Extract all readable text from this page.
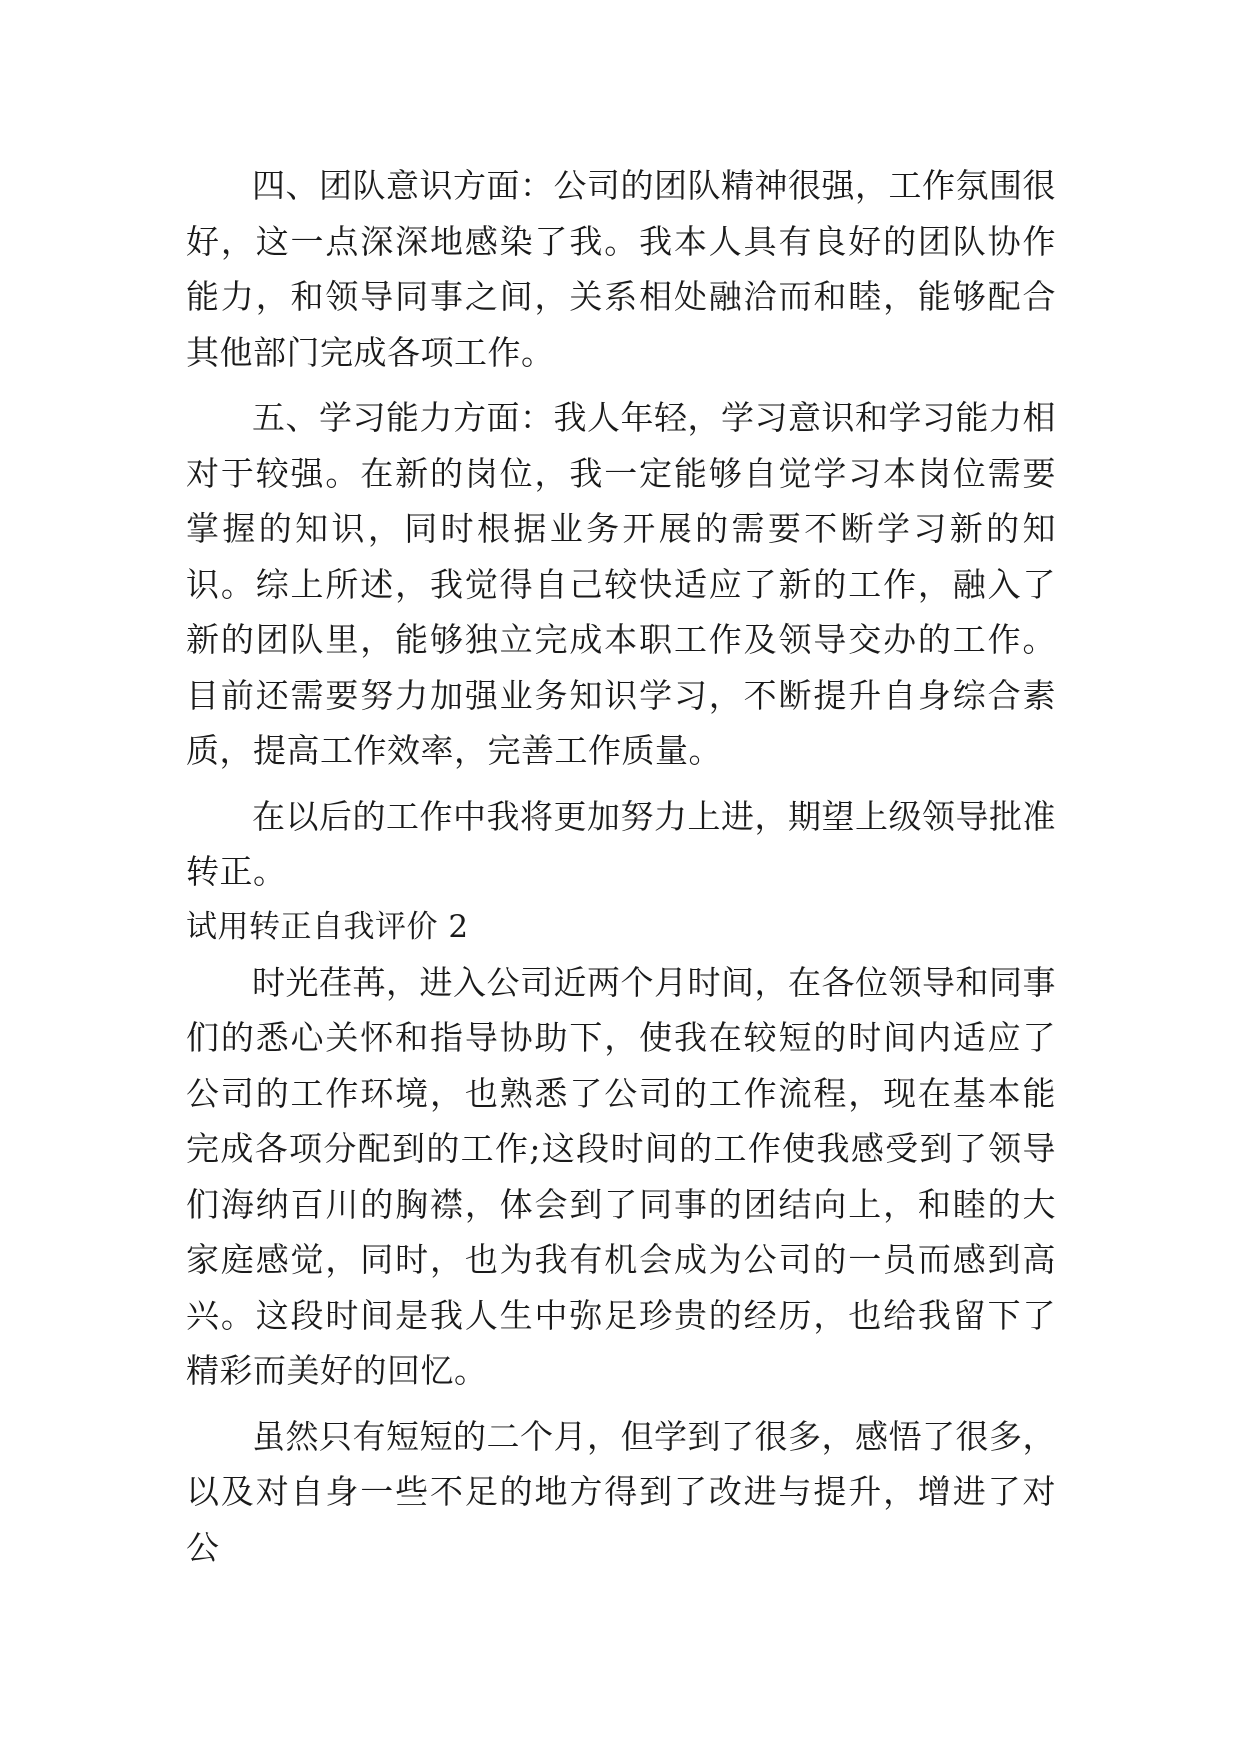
四、团队意识方面：公司的团队精神很强，工作氛围很好，这一点深深地感染了我。我本人具有良好的团队协作能力，和领导同事之间，关系相处融洽而和睦，能够配合其他部门完成各项工作。

五、学习能力方面：我人年轻，学习意识和学习能力相对于较强。在新的岗位，我一定能够自觉学习本岗位需要掌握的知识，同时根据业务开展的需要不断学习新的知识。综上所述，我觉得自己较快适应了新的工作，融入了新的团队里，能够独立完成本职工作及领导交办的工作。目前还需要努力加强业务知识学习，不断提升自身综合素质，提高工作效率，完善工作质量。

在以后的工作中我将更加努力上进，期望上级领导批准转正。

试用转正自我评价 2

时光荏苒，进入公司近两个月时间，在各位领导和同事们的悉心关怀和指导协助下，使我在较短的时间内适应了公司的工作环境，也熟悉了公司的工作流程，现在基本能完成各项分配到的工作;这段时间的工作使我感受到了领导们海纳百川的胸襟，体会到了同事的团结向上，和睦的大家庭感觉，同时，也为我有机会成为公司的一员而感到高兴。这段时间是我人生中弥足珍贵的经历，也给我留下了精彩而美好的回忆。

虽然只有短短的二个月，但学到了很多，感悟了很多，以及对自身一些不足的地方得到了改进与提升，增进了对公
